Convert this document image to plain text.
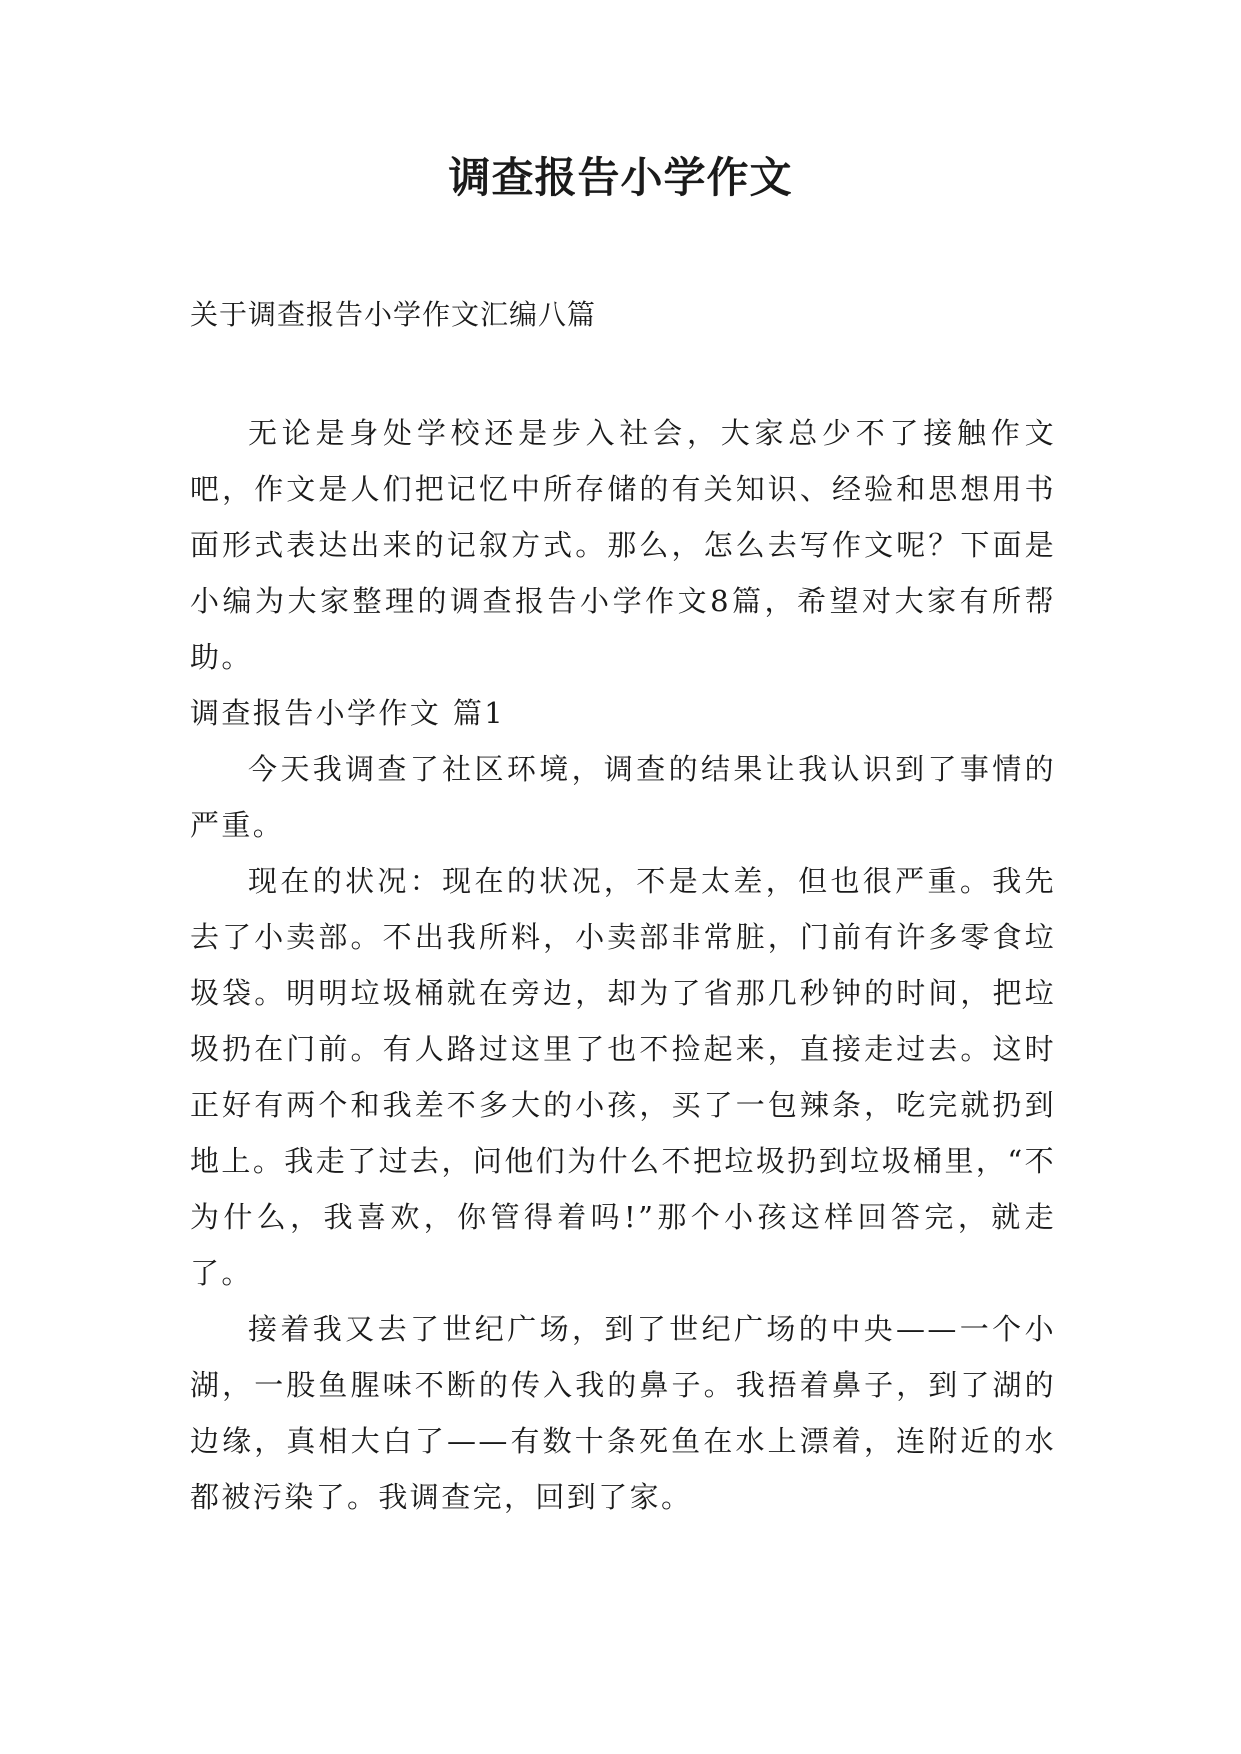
调查报告小学作文
关于调查报告小学作文汇编八篇

无论是身处学校还是步入社会，大家总少不了接触作文吧，作文是人们把记忆中所存储的有关知识、经验和思想用书面形式表达出来的记叙方式。那么，怎么去写作文呢？下面是小编为大家整理的调查报告小学作文8篇，希望对大家有所帮助。

调查报告小学作文 篇1

今天我调查了社区环境，调查的结果让我认识到了事情的严重。

现在的状况：现在的状况，不是太差，但也很严重。我先去了小卖部。不出我所料，小卖部非常脏，门前有许多零食垃圾袋。明明垃圾桶就在旁边，却为了省那几秒钟的时间，把垃圾扔在门前。有人路过这里了也不捡起来，直接走过去。这时正好有两个和我差不多大的小孩，买了一包辣条，吃完就扔到地上。我走了过去，问他们为什么不把垃圾扔到垃圾桶里，“不为什么，我喜欢，你管得着吗!”那个小孩这样回答完，就走了。

接着我又去了世纪广场，到了世纪广场的中央——一个小湖，一股鱼腥味不断的传入我的鼻子。我捂着鼻子，到了湖的边缘，真相大白了——有数十条死鱼在水上漂着，连附近的水都被污染了。我调查完，回到了家。
